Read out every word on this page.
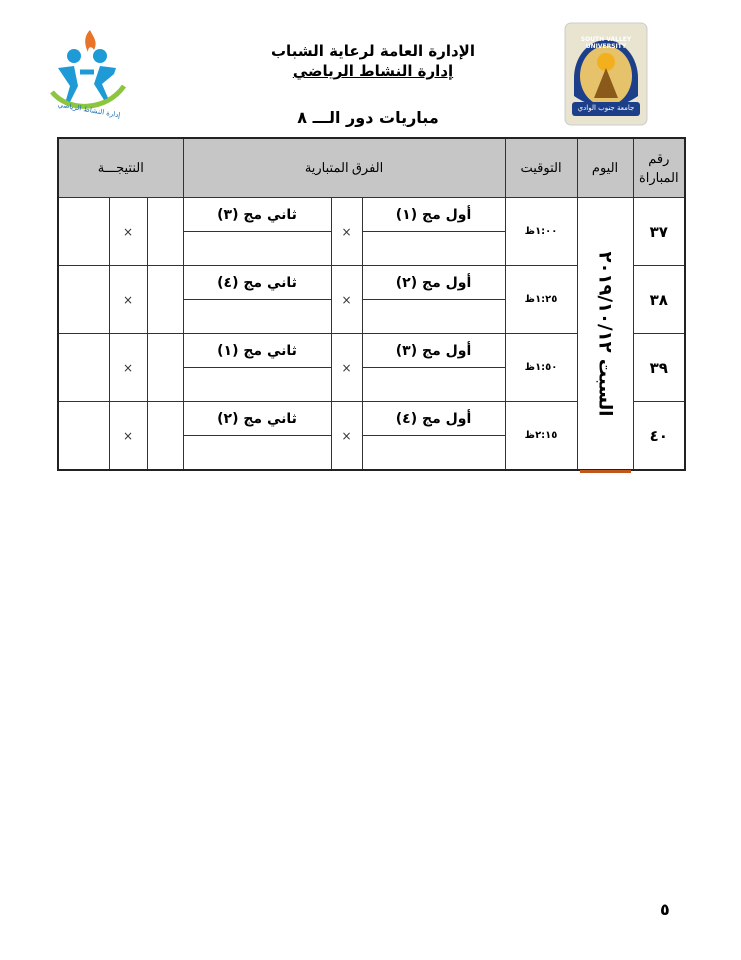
إدارة النشاط الرياضي
SOUTH VALLEY UNIVERSITY
جامعة جنوب الوادي
الإدارة العامة لرعاية الشباب
إدارة النشاط الرياضي
مباريات دور الـــ ٨
النتيجـــة			الفرق المتبارية			التوقيت	اليوم	رقم المباراة
	×		ثاني مج (٣)	×	أول مج (١)	١:٠٠ظ	السبت ٢٠١٩/١٠/١٢	٣٧

	×		ثاني مج (٤)	×	أول مج (٢)	١:٢٥ظ		٣٨

	×		ثاني مج (١)	×	أول مج (٣)	١:٥٠ظ		٣٩

	×		ثاني مج (٢)	×	أول مج (٤)	٢:١٥ظ		٤٠

٥
